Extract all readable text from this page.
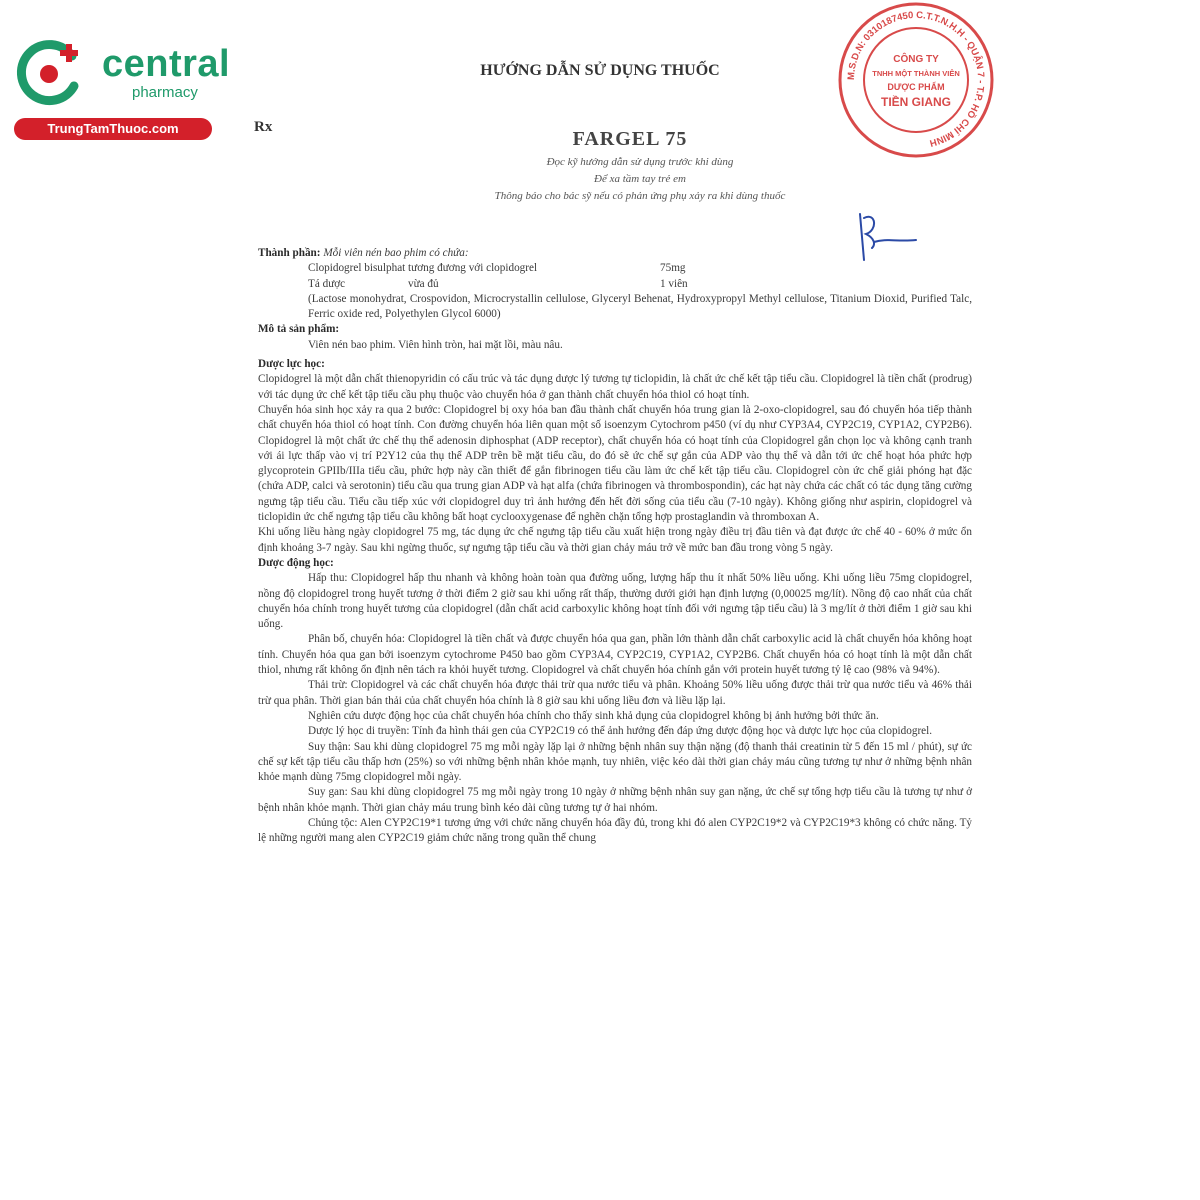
central
pharmacy
TrungTamThuoc.com
M.S.D.N: 0310187450 C.T.T.N.H.H - QUẬN 7 - T.P. HỒ CHÍ MINH
CÔNG TY
TNHH MỘT THÀNH VIÊN
DƯỢC PHẨM
TIỀN GIANG
HƯỚNG DẪN SỬ DỤNG THUỐC
Rx
FARGEL 75
Đọc kỹ hướng dẫn sử dụng trước khi dùng
Để xa tầm tay trẻ em
Thông báo cho bác sỹ nếu có phản ứng phụ xảy ra khi dùng thuốc

Thành phần: Mỗi viên nén bao phim có chứa:

Clopidogrel bisulphat tương đương với clopidogrel	75mg
Tá dược	vừa đủ	1 viên

(Lactose monohydrat, Crospovidon, Microcrystallin cellulose, Glyceryl Behenat, Hydroxypropyl Methyl cellulose, Titanium Dioxid, Purified Talc, Ferric oxide red, Polyethylen Glycol 6000)

Mô tả sản phẩm:

Viên nén bao phim. Viên hình tròn, hai mặt lồi, màu nâu.

Dược lực học:

Clopidogrel là một dẫn chất thienopyridin có cấu trúc và tác dụng dược lý tương tự ticlopidin, là chất ức chế kết tập tiểu cầu. Clopidogrel là tiền chất (prodrug) với tác dụng ức chế kết tập tiểu cầu phụ thuộc vào chuyển hóa ở gan thành chất chuyển hóa thiol có hoạt tính.

Chuyển hóa sinh học xảy ra qua 2 bước: Clopidogrel bị oxy hóa ban đầu thành chất chuyển hóa trung gian là 2-oxo-clopidogrel, sau đó chuyển hóa tiếp thành chất chuyển hóa thiol có hoạt tính. Con đường chuyển hóa liên quan một số isoenzym Cytochrom p450 (ví dụ như CYP3A4, CYP2C19, CYP1A2, CYP2B6). Clopidogrel là một chất ức chế thụ thể adenosin diphosphat (ADP receptor), chất chuyển hóa có hoạt tính của Clopidogrel gắn chọn lọc và không cạnh tranh với ái lực thấp vào vị trí P2Y12 của thụ thể ADP trên bề mặt tiểu cầu, do đó sẽ ức chế sự gắn của ADP vào thụ thể và dẫn tới ức chế hoạt hóa phức hợp glycoprotein GPIIb/IIIa tiểu cầu, phức hợp này cần thiết để gắn fibrinogen tiểu cầu làm ức chế kết tập tiểu cầu. Clopidogrel còn ức chế giải phóng hạt đặc (chứa ADP, calci và serotonin) tiểu cầu qua trung gian ADP và hạt alfa (chứa fibrinogen và thrombospondin), các hạt này chứa các chất có tác dụng tăng cường ngưng tập tiểu cầu. Tiểu cầu tiếp xúc với clopidogrel duy trì ảnh hưởng đến hết đời sống của tiểu cầu (7-10 ngày). Không giống như aspirin, clopidogrel và ticlopidin ức chế ngưng tập tiểu cầu không bất hoạt cyclooxygenase để nghẽn chặn tổng hợp prostaglandin và thromboxan A.

Khi uống liều hàng ngày clopidogrel 75 mg, tác dụng ức chế ngưng tập tiểu cầu xuất hiện trong ngày điều trị đầu tiên và đạt được ức chế 40 - 60% ở mức ổn định khoảng 3-7 ngày. Sau khi ngừng thuốc, sự ngưng tập tiểu cầu và thời gian chảy máu trở về mức ban đầu trong vòng 5 ngày.

Dược động học:

Hấp thu: Clopidogrel hấp thu nhanh và không hoàn toàn qua đường uống, lượng hấp thu ít nhất 50% liều uống. Khi uống liều 75mg clopidogrel, nồng độ clopidogrel trong huyết tương ở thời điểm 2 giờ sau khi uống rất thấp, thường dưới giới hạn định lượng (0,00025 mg/lít). Nồng độ cao nhất của chất chuyển hóa chính trong huyết tương của clopidogrel (dẫn chất acid carboxylic không hoạt tính đối với ngưng tập tiểu cầu) là 3 mg/lít ở thời điểm 1 giờ sau khi uống.

Phân bố, chuyển hóa: Clopidogrel là tiền chất và được chuyển hóa qua gan, phần lớn thành dẫn chất carboxylic acid là chất chuyển hóa không hoạt tính. Chuyển hóa qua gan bởi isoenzym cytochrome P450 bao gồm CYP3A4, CYP2C19, CYP1A2, CYP2B6. Chất chuyển hóa có hoạt tính là một dẫn chất thiol, nhưng rất không ổn định nên tách ra khỏi huyết tương. Clopidogrel và chất chuyển hóa chính gắn với protein huyết tương tỷ lệ cao (98% và 94%).

Thải trừ: Clopidogrel và các chất chuyển hóa được thải trừ qua nước tiểu và phân. Khoảng 50% liều uống được thải trừ qua nước tiểu và 46% thải trừ qua phân. Thời gian bán thải của chất chuyển hóa chính là 8 giờ sau khi uống liều đơn và liều lặp lại.

Nghiên cứu dược động học của chất chuyển hóa chính cho thấy sinh khả dụng của clopidogrel không bị ảnh hưởng bởi thức ăn.

Dược lý học di truyền: Tính đa hình thái gen của CYP2C19 có thể ảnh hưởng đến đáp ứng dược động học và dược lực học của clopidogrel.

Suy thận: Sau khi dùng clopidogrel 75 mg mỗi ngày lặp lại ở những bệnh nhân suy thận nặng (độ thanh thải creatinin từ 5 đến 15 ml / phút), sự ức chế sự kết tập tiểu cầu thấp hơn (25%) so với những bệnh nhân khỏe mạnh, tuy nhiên, việc kéo dài thời gian chảy máu cũng tương tự như ở những bệnh nhân khỏe mạnh dùng 75mg clopidogrel mỗi ngày.

Suy gan: Sau khi dùng clopidogrel 75 mg mỗi ngày trong 10 ngày ở những bệnh nhân suy gan nặng, ức chế sự tổng hợp tiểu cầu là tương tự như ở bệnh nhân khỏe mạnh. Thời gian chảy máu trung bình kéo dài cũng tương tự ở hai nhóm.

Chủng tộc: Alen CYP2C19*1 tương ứng với chức năng chuyển hóa đầy đủ, trong khi đó alen CYP2C19*2 và CYP2C19*3 không có chức năng. Tỷ lệ những người mang alen CYP2C19 giảm chức năng trong quần thể chung
